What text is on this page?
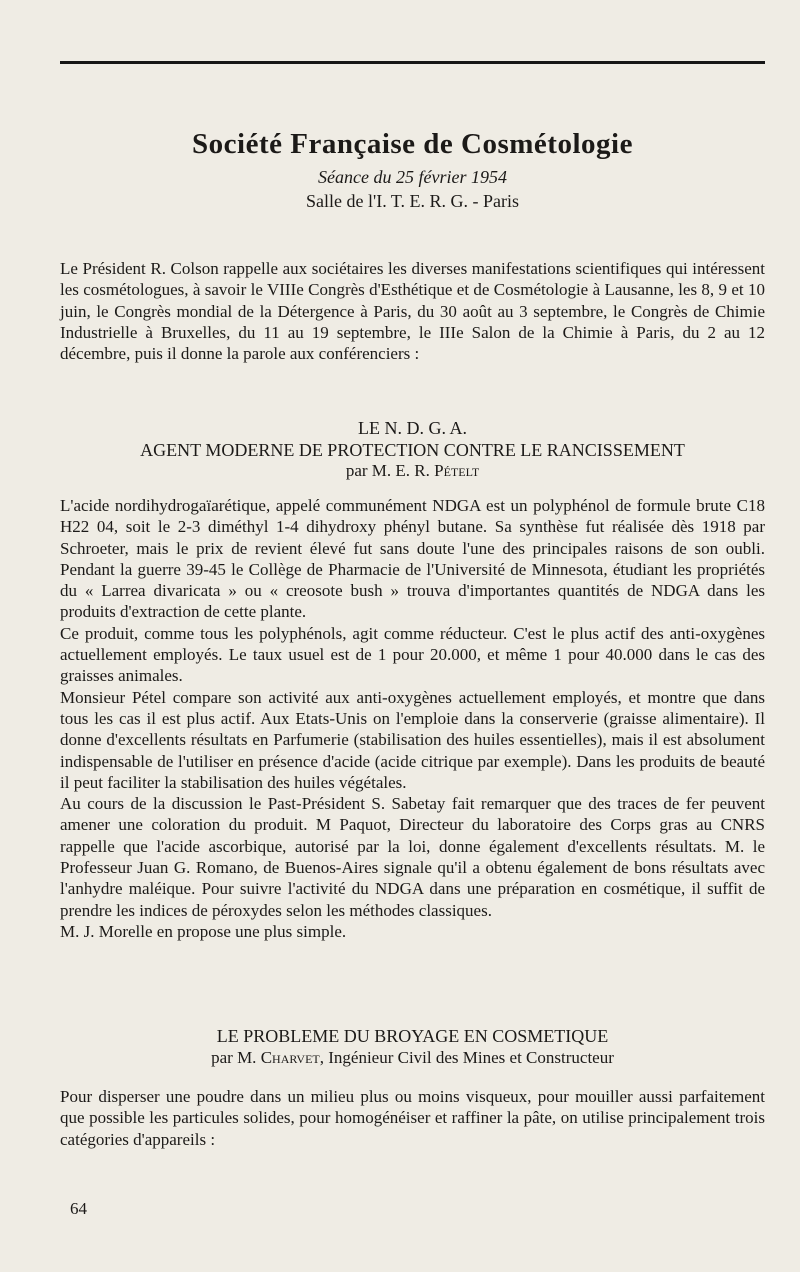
Société Française de Cosmétologie
Séance du 25 février 1954
Salle de l'I. T. E. R. G. - Paris

Le Président R. Colson rappelle aux sociétaires les diverses manifestations scientifiques qui intéressent les cosmétologues, à savoir le VIIIe Congrès d'Esthétique et de Cosmétologie à Lausanne, les 8, 9 et 10 juin, le Congrès mondial de la Détergence à Paris, du 30 août au 3 septembre, le Congrès de Chimie Industrielle à Bruxelles, du 11 au 19 septembre, le IIIe Salon de la Chimie à Paris, du 2 au 12 décembre, puis il donne la parole aux conférenciers :

LE N. D. G. A.
AGENT MODERNE DE PROTECTION CONTRE LE RANCISSEMENT
par M. E. R. Pételt

L'acide nordihydrogaïarétique, appelé communément NDGA est un polyphénol de formule brute C18 H22 04, soit le 2-3 diméthyl 1-4 dihydroxy phényl butane. Sa synthèse fut réalisée dès 1918 par Schroeter, mais le prix de revient élevé fut sans doute l'une des principales raisons de son oubli. Pendant la guerre 39-45 le Collège de Pharmacie de l'Université de Minnesota, étudiant les propriétés du « Larrea divaricata » ou « creosote bush » trouva d'importantes quantités de NDGA dans les produits d'extraction de cette plante.

Ce produit, comme tous les polyphénols, agit comme réducteur. C'est le plus actif des anti-oxygènes actuellement employés. Le taux usuel est de 1 pour 20.000, et même 1 pour 40.000 dans le cas des graisses animales.

Monsieur Pétel compare son activité aux anti-oxygènes actuellement employés, et montre que dans tous les cas il est plus actif. Aux Etats-Unis on l'emploie dans la conserverie (graisse alimentaire). Il donne d'excellents résultats en Parfumerie (stabilisation des huiles essentielles), mais il est absolument indispensable de l'utiliser en présence d'acide (acide citrique par exemple). Dans les produits de beauté il peut faciliter la stabilisation des huiles végétales.

Au cours de la discussion le Past-Président S. Sabetay fait remarquer que des traces de fer peuvent amener une coloration du produit. M Paquot, Directeur du laboratoire des Corps gras au CNRS rappelle que l'acide ascorbique, autorisé par la loi, donne également d'excellents résultats. M. le Professeur Juan G. Romano, de Buenos-Aires signale qu'il a obtenu également de bons résultats avec l'anhydre maléique. Pour suivre l'activité du NDGA dans une préparation en cosmétique, il suffit de prendre les indices de péroxydes selon les méthodes classiques.

M. J. Morelle en propose une plus simple.

LE PROBLEME DU BROYAGE EN COSMETIQUE
par M. Charvet, Ingénieur Civil des Mines et Constructeur

Pour disperser une poudre dans un milieu plus ou moins visqueux, pour mouiller aussi parfaitement que possible les particules solides, pour homogénéiser et raffiner la pâte, on utilise principalement trois catégories d'appareils :

64
